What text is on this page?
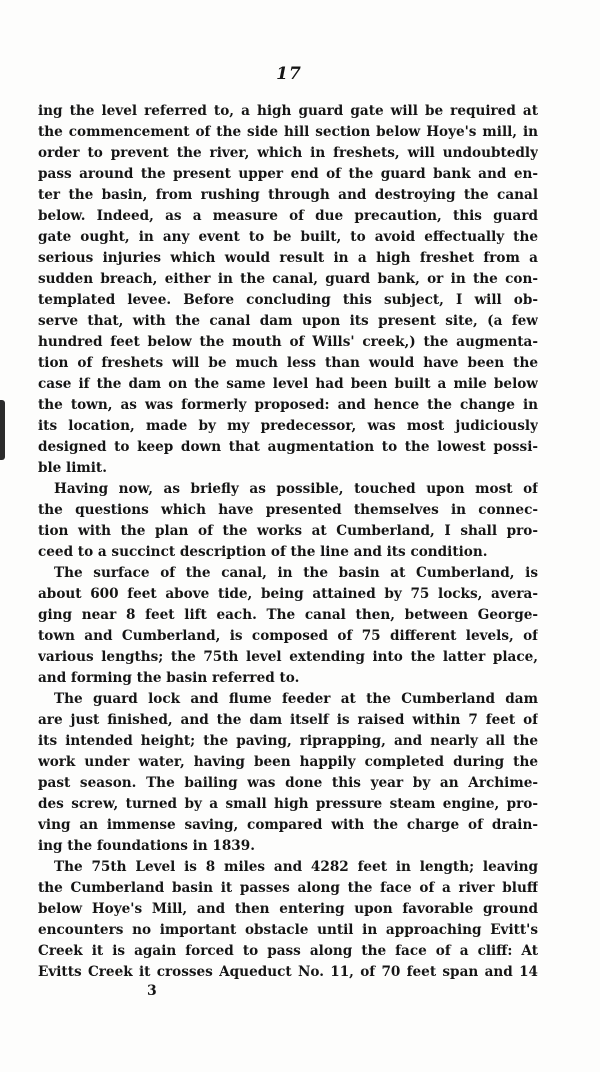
17
ing the level referred to, a high guard gate will be required at
the commencement of the side hill section below Hoye's mill, in
order to prevent the river, which in freshets, will undoubtedly
pass around the present upper end of the guard bank and en-
ter the basin, from rushing through and destroying the canal
below. Indeed, as a measure of due precaution, this guard
gate ought, in any event to be built, to avoid effectually the
serious injuries which would result in a high freshet from a
sudden breach, either in the canal, guard bank, or in the con-
templated levee. Before concluding this subject, I will ob-
serve that, with the canal dam upon its present site, (a few
hundred feet below the mouth of Wills' creek,) the augmenta-
tion of freshets will be much less than would have been the
case if the dam on the same level had been built a mile below
the town, as was formerly proposed: and hence the change in
its location, made by my predecessor, was most judiciously
designed to keep down that augmentation to the lowest possi-
ble limit.
Having now, as briefly as possible, touched upon most of
the questions which have presented themselves in connec-
tion with the plan of the works at Cumberland, I shall pro-
ceed to a succinct description of the line and its condition.
The surface of the canal, in the basin at Cumberland, is
about 600 feet above tide, being attained by 75 locks, avera-
ging near 8 feet lift each. The canal then, between George-
town and Cumberland, is composed of 75 different levels, of
various lengths; the 75th level extending into the latter place,
and forming the basin referred to.
The guard lock and flume feeder at the Cumberland dam
are just finished, and the dam itself is raised within 7 feet of
its intended height; the paving, riprapping, and nearly all the
work under water, having been happily completed during the
past season. The bailing was done this year by an Archime-
des screw, turned by a small high pressure steam engine, pro-
ving an immense saving, compared with the charge of drain-
ing the foundations in 1839.
The 75th Level is 8 miles and 4282 feet in length; leaving
the Cumberland basin it passes along the face of a river bluff
below Hoye's Mill, and then entering upon favorable ground
encounters no important obstacle until in approaching Evitt's
Creek it is again forced to pass along the face of a cliff: At
Evitts Creek it crosses Aqueduct No. 11, of 70 feet span and 14
3
